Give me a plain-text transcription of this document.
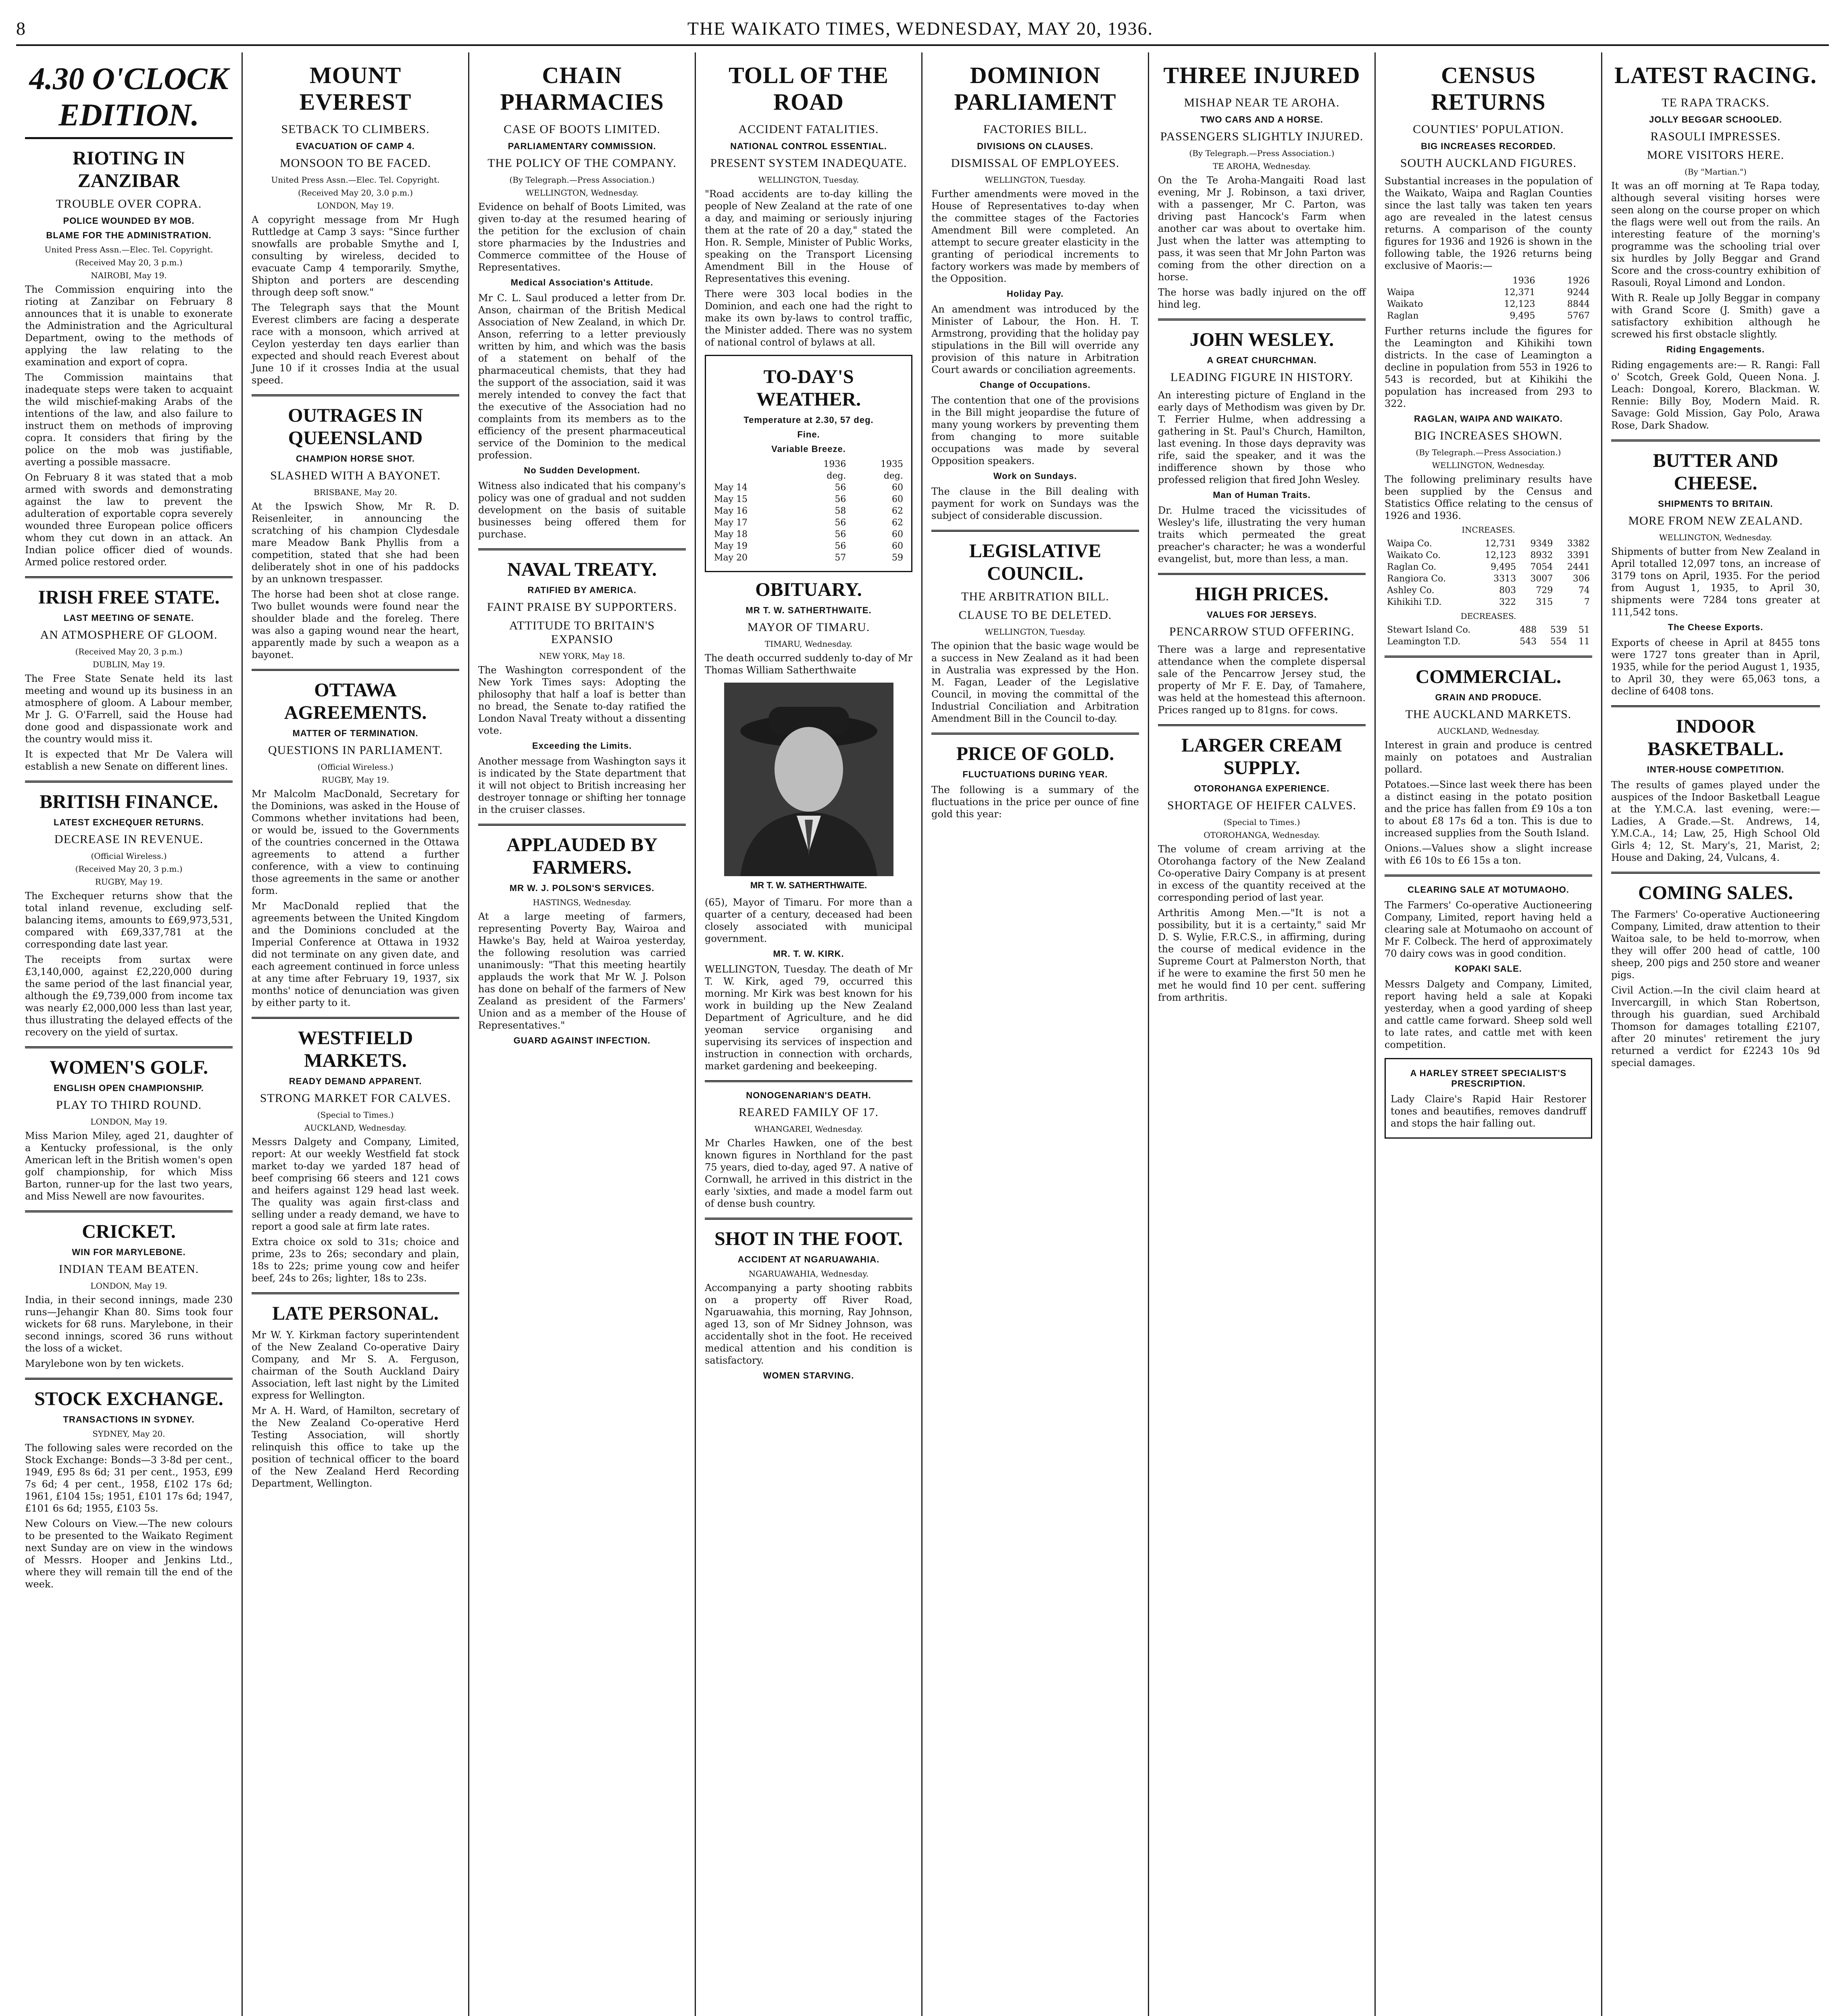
8	THE WAIKATO TIMES, WEDNESDAY, MAY 20, 1936.
4.30 O'CLOCK EDITION.
RIOTING IN ZANZIBAR
TROUBLE OVER COPRA.
POLICE WOUNDED BY MOB.
BLAME FOR THE ADMINISTRATION.
United Press Assn.—Elec. Tel. Copyright.
(Received May 20, 3 p.m.)
NAIROBI, May 19.

The Commission enquiring into the rioting at Zanzibar on February 8 announces that it is unable to exonerate the Administration and the Agricultural Department, owing to the methods of applying the law relating to the examination and export of copra.

The Commission maintains that inadequate steps were taken to acquaint the wild mischief-making Arabs of the intentions of the law, and also failure to instruct them on methods of improving copra. It considers that firing by the police on the mob was justifiable, averting a possible massacre.

On February 8 it was stated that a mob armed with swords and demonstrating against the law to prevent the adulteration of exportable copra severely wounded three European police officers whom they cut down in an attack. An Indian police officer died of wounds. Armed police restored order.

IRISH FREE STATE.
LAST MEETING OF SENATE.
AN ATMOSPHERE OF GLOOM.
(Received May 20, 3 p.m.)
DUBLIN, May 19.

The Free State Senate held its last meeting and wound up its business in an atmosphere of gloom. A Labour member, Mr J. G. O'Farrell, said the House had done good and dispassionate work and the country would miss it.

It is expected that Mr De Valera will establish a new Senate on different lines.

BRITISH FINANCE.
LATEST EXCHEQUER RETURNS.
DECREASE IN REVENUE.
(Official Wireless.)
(Received May 20, 3 p.m.)
RUGBY, May 19.

The Exchequer returns show that the total inland revenue, excluding self-balancing items, amounts to £69,973,531, compared with £69,337,781 at the corresponding date last year.

The receipts from surtax were £3,140,000, against £2,220,000 during the same period of the last financial year, although the £9,739,000 from income tax was nearly £2,000,000 less than last year, thus illustrating the delayed effects of the recovery on the yield of surtax.

WOMEN'S GOLF.
ENGLISH OPEN CHAMPIONSHIP.
PLAY TO THIRD ROUND.
LONDON, May 19.

Miss Marion Miley, aged 21, daughter of a Kentucky professional, is the only American left in the British women's open golf championship, for which Miss Barton, runner-up for the last two years, and Miss Newell are now favourites.

CRICKET.
WIN FOR MARYLEBONE.
INDIAN TEAM BEATEN.
LONDON, May 19.

India, in their second innings, made 230 runs—Jehangir Khan 80. Sims took four wickets for 68 runs. Marylebone, in their second innings, scored 36 runs without the loss of a wicket.

Marylebone won by ten wickets.

STOCK EXCHANGE.
TRANSACTIONS IN SYDNEY.
SYDNEY, May 20.

The following sales were recorded on the Stock Exchange: Bonds—3 3-8d per cent., 1949, £95 8s 6d; 31 per cent., 1953, £99 7s 6d; 4 per cent., 1958, £102 17s 6d; 1961, £104 15s; 1951, £101 17s 6d; 1947, £101 6s 6d; 1955, £103 5s.

New Colours on View.—The new colours to be presented to the Waikato Regiment next Sunday are on view in the windows of Messrs. Hooper and Jenkins Ltd., where they will remain till the end of the week.

MOUNT EVEREST
SETBACK TO CLIMBERS.
EVACUATION OF CAMP 4.
MONSOON TO BE FACED.
United Press Assn.—Elec. Tel. Copyright.
(Received May 20, 3.0 p.m.)
LONDON, May 19.

A copyright message from Mr Hugh Ruttledge at Camp 3 says: "Since further snowfalls are probable Smythe and I, consulting by wireless, decided to evacuate Camp 4 temporarily. Smythe, Shipton and porters are descending through deep soft snow."

The Telegraph says that the Mount Everest climbers are facing a desperate race with a monsoon, which arrived at Ceylon yesterday ten days earlier than expected and should reach Everest about June 10 if it crosses India at the usual speed.

OUTRAGES IN QUEENSLAND
CHAMPION HORSE SHOT.
SLASHED WITH A BAYONET.
BRISBANE, May 20.

At the Ipswich Show, Mr R. D. Reisenleiter, in announcing the scratching of his champion Clydesdale mare Meadow Bank Phyllis from a competition, stated that she had been deliberately shot in one of his paddocks by an unknown trespasser.

The horse had been shot at close range. Two bullet wounds were found near the shoulder blade and the foreleg. There was also a gaping wound near the heart, apparently made by such a weapon as a bayonet.

OTTAWA AGREEMENTS.
MATTER OF TERMINATION.
QUESTIONS IN PARLIAMENT.
(Official Wireless.)
RUGBY, May 19.

Mr Malcolm MacDonald, Secretary for the Dominions, was asked in the House of Commons whether invitations had been, or would be, issued to the Governments of the countries concerned in the Ottawa agreements to attend a further conference, with a view to continuing those agreements in the same or another form.

Mr MacDonald replied that the agreements between the United Kingdom and the Dominions concluded at the Imperial Conference at Ottawa in 1932 did not terminate on any given date, and each agreement continued in force unless at any time after February 19, 1937, six months' notice of denunciation was given by either party to it.

WESTFIELD MARKETS.
READY DEMAND APPARENT.
STRONG MARKET FOR CALVES.
(Special to Times.)
AUCKLAND, Wednesday.

Messrs Dalgety and Company, Limited, report: At our weekly Westfield fat stock market to-day we yarded 187 head of beef comprising 66 steers and 121 cows and heifers against 129 head last week. The quality was again first-class and selling under a ready demand, we have to report a good sale at firm late rates.

Extra choice ox sold to 31s; choice and prime, 23s to 26s; secondary and plain, 18s to 22s; prime young cow and heifer beef, 24s to 26s; lighter, 18s to 23s.

LATE PERSONAL.

Mr W. Y. Kirkman factory superintendent of the New Zealand Co-operative Dairy Company, and Mr S. A. Ferguson, chairman of the South Auckland Dairy Association, left last night by the Limited express for Wellington.

Mr A. H. Ward, of Hamilton, secretary of the New Zealand Co-operative Herd Testing Association, will shortly relinquish this office to take up the position of technical officer to the board of the New Zealand Herd Recording Department, Wellington.

CHAIN PHARMACIES
CASE OF BOOTS LIMITED.
PARLIAMENTARY COMMISSION.
THE POLICY OF THE COMPANY.
(By Telegraph.—Press Association.)
WELLINGTON, Wednesday.

Evidence on behalf of Boots Limited, was given to-day at the resumed hearing of the petition for the exclusion of chain store pharmacies by the Industries and Commerce committee of the House of Representatives.

Medical Association's Attitude.

Mr C. L. Saul produced a letter from Dr. Anson, chairman of the British Medical Association of New Zealand, in which Dr. Anson, referring to a letter previously written by him, and which was the basis of a statement on behalf of the pharmaceutical chemists, that they had the support of the association, said it was merely intended to convey the fact that the executive of the Association had no complaints from its members as to the efficiency of the present pharmaceutical service of the Dominion to the medical profession.

No Sudden Development.

Witness also indicated that his company's policy was one of gradual and not sudden development on the basis of suitable businesses being offered them for purchase.

NAVAL TREATY.
RATIFIED BY AMERICA.
FAINT PRAISE BY SUPPORTERS.
ATTITUDE TO BRITAIN'S EXPANSIO
NEW YORK, May 18.

The Washington correspondent of the New York Times says: Adopting the philosophy that half a loaf is better than no bread, the Senate to-day ratified the London Naval Treaty without a dissenting vote.

Exceeding the Limits.

Another message from Washington says it is indicated by the State department that it will not object to British increasing her destroyer tonnage or shifting her tonnage in the cruiser classes.

APPLAUDED BY FARMERS.
MR W. J. POLSON'S SERVICES.
HASTINGS, Wednesday.

At a large meeting of farmers, representing Poverty Bay, Wairoa and Hawke's Bay, held at Wairoa yesterday, the following resolution was carried unanimously: "That this meeting heartily applauds the work that Mr W. J. Polson has done on behalf of the farmers of New Zealand as president of the Farmers' Union and as a member of the House of Representatives."

GUARD AGAINST INFECTION.
TOLL OF THE ROAD
ACCIDENT FATALITIES.
NATIONAL CONTROL ESSENTIAL.
PRESENT SYSTEM INADEQUATE.
WELLINGTON, Tuesday.

"Road accidents are to-day killing the people of New Zealand at the rate of one a day, and maiming or seriously injuring them at the rate of 20 a day," stated the Hon. R. Semple, Minister of Public Works, speaking on the Transport Licensing Amendment Bill in the House of Representatives this evening.

There were 303 local bodies in the Dominion, and each one had the right to make its own by-laws to control traffic, the Minister added. There was no system of national control of bylaws at all.

TO-DAY'S WEATHER.
Temperature at 2.30, 57 deg.
Fine.
Variable Breeze.
	1936	1935
	deg.	deg.
May 14	56	60
May 15	56	60
May 16	58	62
May 17	56	62
May 18	56	60
May 19	56	60
May 20	57	59
OBITUARY.
MR T. W. SATHERTHWAITE.
MAYOR OF TIMARU.
TIMARU, Wednesday.

The death occurred suddenly to-day of Mr Thomas William Satherthwaite

MR T. W. SATHERTHWAITE.

(65), Mayor of Timaru. For more than a quarter of a century, deceased had been closely associated with municipal government.

MR. T. W. KIRK.

WELLINGTON, Tuesday. The death of Mr T. W. Kirk, aged 79, occurred this morning. Mr Kirk was best known for his work in building up the New Zealand Department of Agriculture, and he did yeoman service organising and supervising its services of inspection and instruction in connection with orchards, market gardening and beekeeping.

NONOGENARIAN'S DEATH.
REARED FAMILY OF 17.
WHANGAREI, Wednesday.

Mr Charles Hawken, one of the best known figures in Northland for the past 75 years, died to-day, aged 97. A native of Cornwall, he arrived in this district in the early 'sixties, and made a model farm out of dense bush country.

SHOT IN THE FOOT.
ACCIDENT AT NGARUAWAHIA.
NGARUAWAHIA, Wednesday.

Accompanying a party shooting rabbits on a property off River Road, Ngaruawahia, this morning, Ray Johnson, aged 13, son of Mr Sidney Johnson, was accidentally shot in the foot. He received medical attention and his condition is satisfactory.

WOMEN STARVING.
DOMINION PARLIAMENT
FACTORIES BILL.
DIVISIONS ON CLAUSES.
DISMISSAL OF EMPLOYEES.
WELLINGTON, Tuesday.

Further amendments were moved in the House of Representatives to-day when the committee stages of the Factories Amendment Bill were completed. An attempt to secure greater elasticity in the granting of periodical increments to factory workers was made by members of the Opposition.

Holiday Pay.

An amendment was introduced by the Minister of Labour, the Hon. H. T. Armstrong, providing that the holiday pay stipulations in the Bill will override any provision of this nature in Arbitration Court awards or conciliation agreements.

Change of Occupations.

The contention that one of the provisions in the Bill might jeopardise the future of many young workers by preventing them from changing to more suitable occupations was made by several Opposition speakers.

Work on Sundays.

The clause in the Bill dealing with payment for work on Sundays was the subject of considerable discussion.

LEGISLATIVE COUNCIL.
THE ARBITRATION BILL.
CLAUSE TO BE DELETED.
WELLINGTON, Tuesday.

The opinion that the basic wage would be a success in New Zealand as it had been in Australia was expressed by the Hon. M. Fagan, Leader of the Legislative Council, in moving the committal of the Industrial Conciliation and Arbitration Amendment Bill in the Council to-day.

PRICE OF GOLD.
FLUCTUATIONS DURING YEAR.

The following is a summary of the fluctuations in the price per ounce of fine gold this year:

THREE INJURED
MISHAP NEAR TE AROHA.
TWO CARS AND A HORSE.
PASSENGERS SLIGHTLY INJURED.
(By Telegraph.—Press Association.)
TE AROHA, Wednesday.

On the Te Aroha-Mangaiti Road last evening, Mr J. Robinson, a taxi driver, with a passenger, Mr C. Parton, was driving past Hancock's Farm when another car was about to overtake him. Just when the latter was attempting to pass, it was seen that Mr John Parton was coming from the other direction on a horse.

The horse was badly injured on the off hind leg.

JOHN WESLEY.
A GREAT CHURCHMAN.
LEADING FIGURE IN HISTORY.

An interesting picture of England in the early days of Methodism was given by Dr. T. Ferrier Hulme, when addressing a gathering in St. Paul's Church, Hamilton, last evening. In those days depravity was rife, said the speaker, and it was the indifference shown by those who professed religion that fired John Wesley.

Man of Human Traits.

Dr. Hulme traced the vicissitudes of Wesley's life, illustrating the very human traits which permeated the great preacher's character; he was a wonderful evangelist, but, more than less, a man.

HIGH PRICES.
VALUES FOR JERSEYS.
PENCARROW STUD OFFERING.

There was a large and representative attendance when the complete dispersal sale of the Pencarrow Jersey stud, the property of Mr F. E. Day, of Tamahere, was held at the homestead this afternoon. Prices ranged up to 81gns. for cows.

LARGER CREAM SUPPLY.
OTOROHANGA EXPERIENCE.
SHORTAGE OF HEIFER CALVES.
(Special to Times.)
OTOROHANGA, Wednesday.

The volume of cream arriving at the Otorohanga factory of the New Zealand Co-operative Dairy Company is at present in excess of the quantity received at the corresponding period of last year.

Arthritis Among Men.—"It is not a possibility, but it is a certainty," said Mr D. S. Wylie, F.R.C.S., in affirming, during the course of medical evidence in the Supreme Court at Palmerston North, that if he were to examine the first 50 men he met he would find 10 per cent. suffering from arthritis.

CENSUS RETURNS
COUNTIES' POPULATION.
BIG INCREASES RECORDED.
SOUTH AUCKLAND FIGURES.

Substantial increases in the population of the Waikato, Waipa and Raglan Counties since the last tally was taken ten years ago are revealed in the latest census returns. A comparison of the county figures for 1936 and 1926 is shown in the following table, the 1926 returns being exclusive of Maoris:—

	1936	1926
Waipa	12,371	9244
Waikato	12,123	8844
Raglan	9,495	5767

Further returns include the figures for the Leamington and Kihikihi town districts. In the case of Leamington a decline in population from 553 in 1926 to 543 is recorded, but at Kihikihi the population has increased from 293 to 322.

RAGLAN, WAIPA AND WAIKATO.
BIG INCREASES SHOWN.
(By Telegraph.—Press Association.)
WELLINGTON, Wednesday.

The following preliminary results have been supplied by the Census and Statistics Office relating to the census of 1926 and 1936.

INCREASES.
Waipa Co.	12,731	9349	3382
Waikato Co.	12,123	8932	3391
Raglan Co.	9,495	7054	2441
Rangiora Co.	3313	3007	306
Ashley Co.	803	729	74
Kihikihi T.D.	322	315	7
DECREASES.
Stewart Island Co.	488	539	51
Leamington T.D.	543	554	11
COMMERCIAL.
GRAIN AND PRODUCE.
THE AUCKLAND MARKETS.
AUCKLAND, Wednesday.

Interest in grain and produce is centred mainly on potatoes and Australian pollard.

Potatoes.—Since last week there has been a distinct easing in the potato position and the price has fallen from £9 10s a ton to about £8 17s 6d a ton. This is due to increased supplies from the South Island.

Onions.—Values show a slight increase with £6 10s to £6 15s a ton.

CLEARING SALE AT MOTUMAOHO.

The Farmers' Co-operative Auctioneering Company, Limited, report having held a clearing sale at Motumaoho on account of Mr F. Colbeck. The herd of approximately 70 dairy cows was in good condition.

KOPAKI SALE.

Messrs Dalgety and Company, Limited, report having held a sale at Kopaki yesterday, when a good yarding of sheep and cattle came forward. Sheep sold well to late rates, and cattle met with keen competition.

A HARLEY STREET SPECIALIST'S PRESCRIPTION.

Lady Claire's Rapid Hair Restorer tones and beautifies, removes dandruff and stops the hair falling out.

LATEST RACING.
TE RAPA TRACKS.
JOLLY BEGGAR SCHOOLED.
RASOULI IMPRESSES.
MORE VISITORS HERE.
(By "Martian.")

It was an off morning at Te Rapa today, although several visiting horses were seen along on the course proper on which the flags were well out from the rails. An interesting feature of the morning's programme was the schooling trial over six hurdles by Jolly Beggar and Grand Score and the cross-country exhibition of Rasouli, Royal Limond and London.

With R. Reale up Jolly Beggar in company with Grand Score (J. Smith) gave a satisfactory exhibition although he screwed his first obstacle slightly.

Riding Engagements.

Riding engagements are:— R. Rangi: Fall o' Scotch, Greek Gold, Queen Nona. J. Leach: Dongoal, Korero, Blackman. W. Rennie: Billy Boy, Modern Maid. R. Savage: Gold Mission, Gay Polo, Arawa Rose, Dark Shadow.

BUTTER AND CHEESE.
SHIPMENTS TO BRITAIN.
MORE FROM NEW ZEALAND.
WELLINGTON, Wednesday.

Shipments of butter from New Zealand in April totalled 12,097 tons, an increase of 3179 tons on April, 1935. For the period from August 1, 1935, to April 30, shipments were 7284 tons greater at 111,542 tons.

The Cheese Exports.

Exports of cheese in April at 8455 tons were 1727 tons greater than in April, 1935, while for the period August 1, 1935, to April 30, they were 65,063 tons, a decline of 6408 tons.

INDOOR BASKETBALL.
INTER-HOUSE COMPETITION.

The results of games played under the auspices of the Indoor Basketball League at the Y.M.C.A. last evening, were:— Ladies, A Grade.—St. Andrews, 14, Y.M.C.A., 14; Law, 25, High School Old Girls 4; 12, St. Mary's, 21, Marist, 2; House and Daking, 24, Vulcans, 4.

COMING SALES.

The Farmers' Co-operative Auctioneering Company, Limited, draw attention to their Waitoa sale, to be held to-morrow, when they will offer 200 head of cattle, 100 sheep, 200 pigs and 250 store and weaner pigs.

Civil Action.—In the civil claim heard at Invercargill, in which Stan Robertson, through his guardian, sued Archibald Thomson for damages totalling £2107, after 20 minutes' retirement the jury returned a verdict for £2243 10s 9d special damages.
